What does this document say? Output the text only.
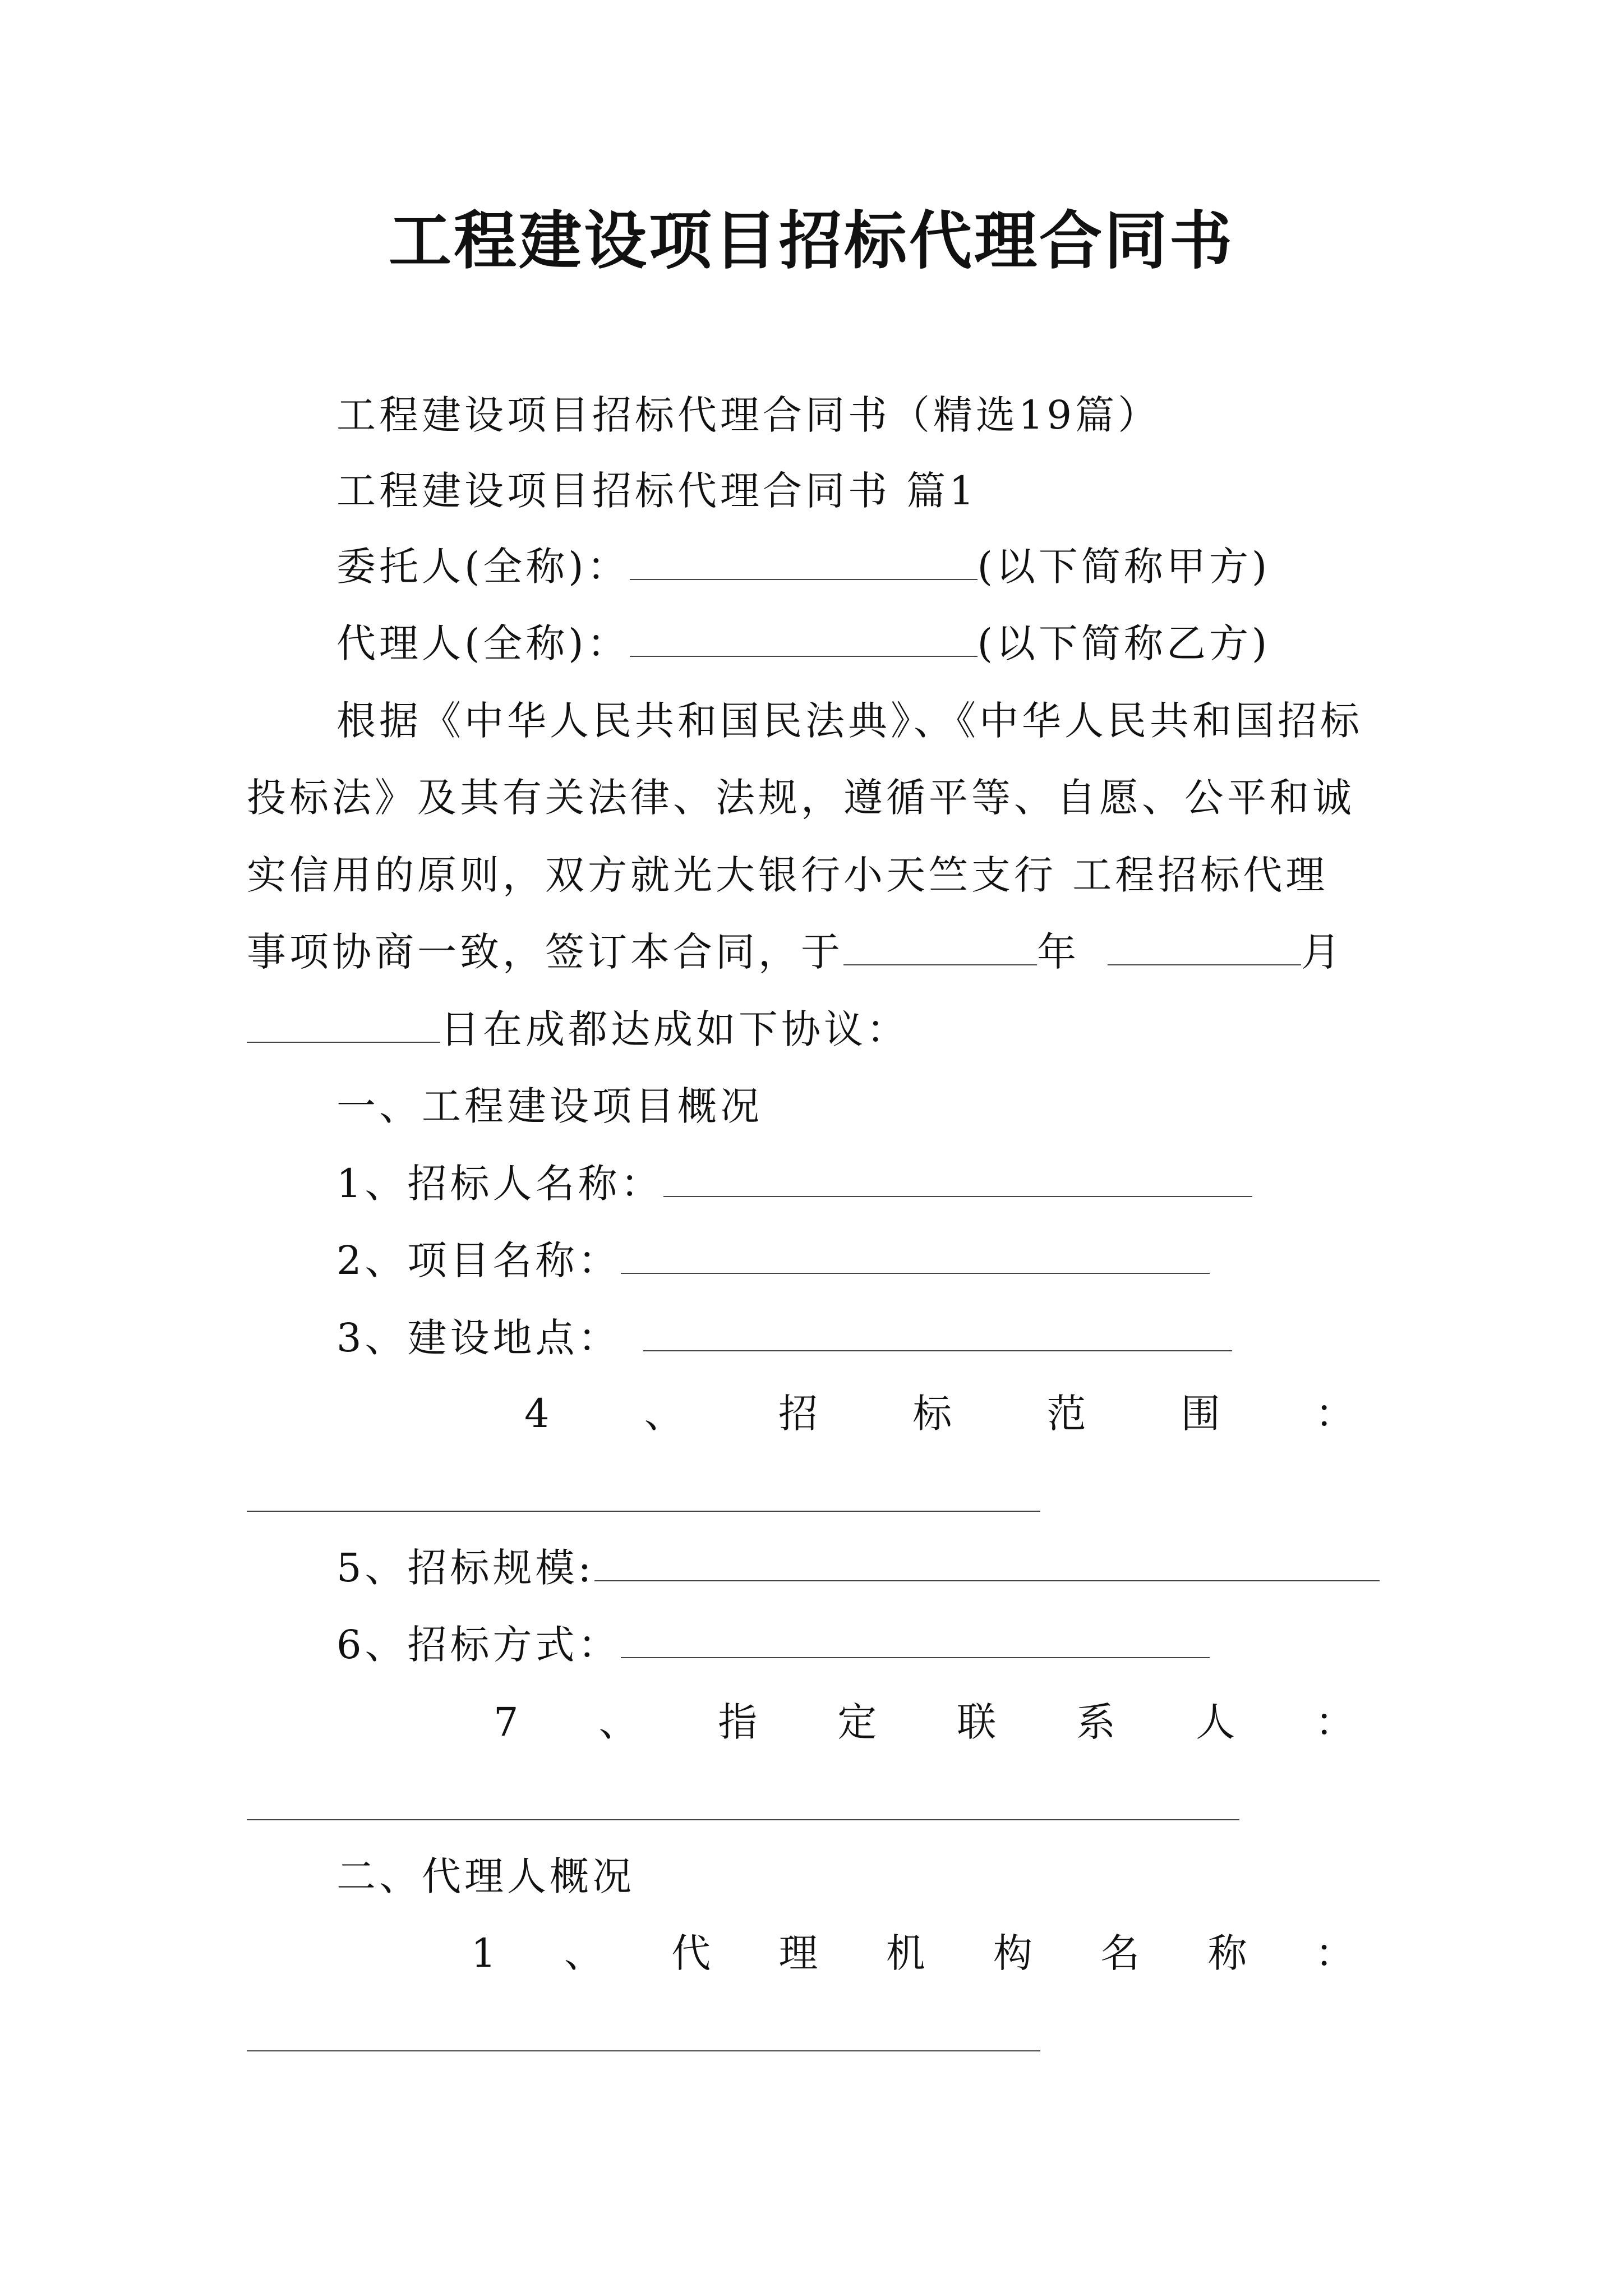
工程建设项目招标代理合同书
工程建设项目招标代理合同书（精选19篇）
工程建设项目招标代理合同书 篇1
委托人(全称)：	(以下简称甲方)
代理人(全称)：	(以下简称乙方)
根据《中华人民共和国民法典》、《中华人民共和国招标
投标法》及其有关法律、法规，遵循平等、自愿、公平和诚
实信用的原则，双方就光大银行小天竺支行 工程招标代理
事项协商一致，签订本合同，于	年	月
日在成都达成如下协议：
一、工程建设项目概况
1、招标人名称：
2、项目名称：
3、建设地点：
4 、 招 标 范 围 ：
5、招标规模:
6、招标方式：
7 、 指 定 联 系 人 ：
二、代理人概况
1 、 代 理 机 构 名 称 ：
